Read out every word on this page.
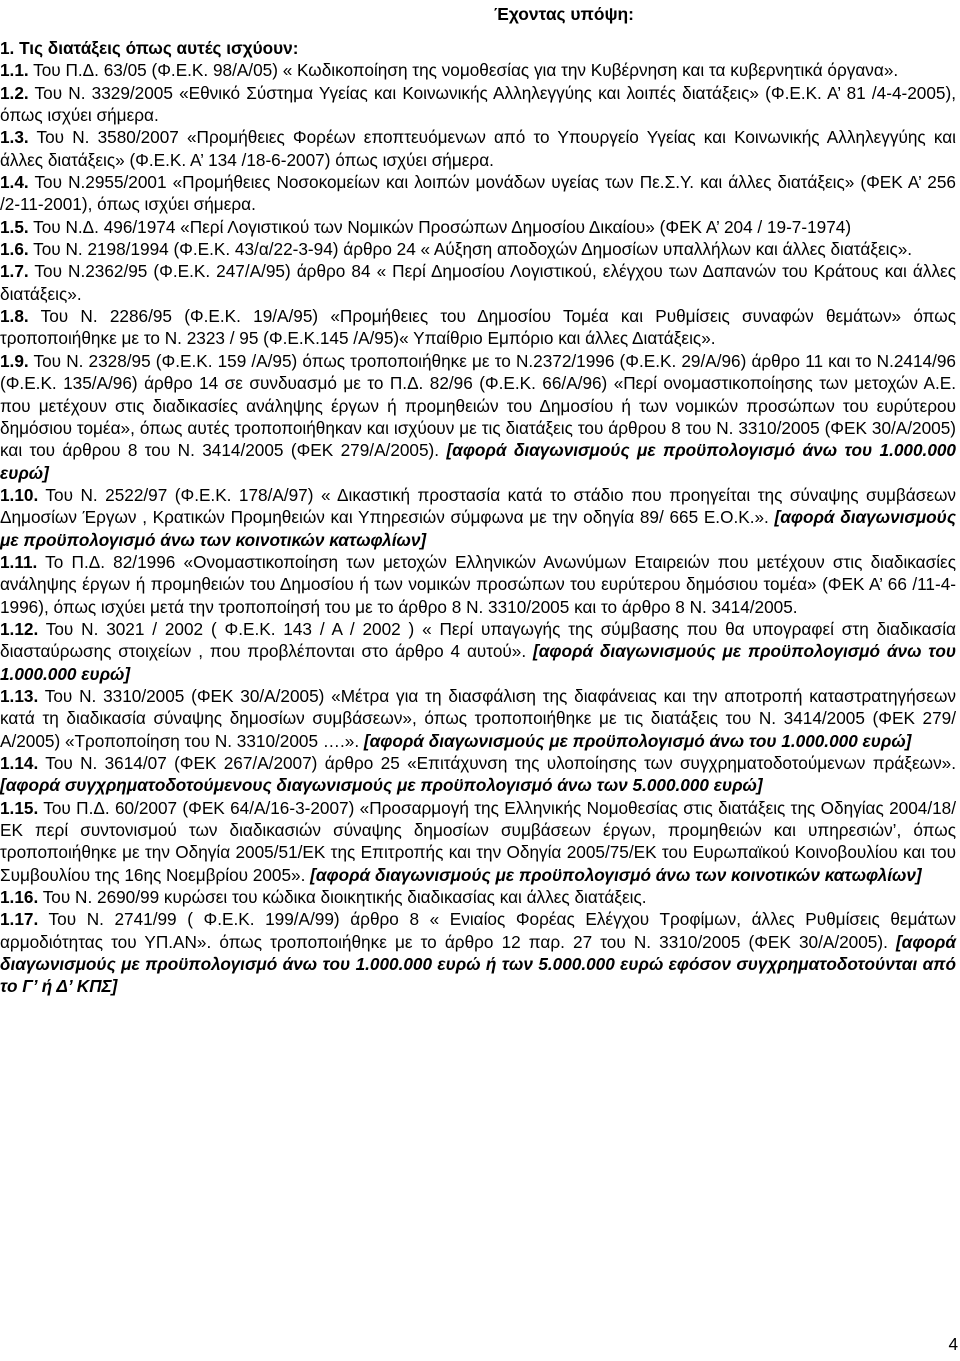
Έχοντας υπόψη:
1. Τις διατάξεις όπως αυτές ισχύουν:

1.1. Του Π.Δ. 63/05 (Φ.Ε.Κ. 98/Α/05) « Κωδικοποίηση της νομοθεσίας για την Κυβέρνηση και τα κυβερνητικά όργανα».

1.2. Του Ν. 3329/2005 «Εθνικό Σύστημα Υγείας και Κοινωνικής Αλληλεγγύης και λοιπές διατάξεις» (Φ.Ε.Κ. Α’ 81 /4-4-2005), όπως ισχύει σήμερα.

1.3. Του Ν. 3580/2007 «Προμήθειες Φορέων εποπτευόμενων από το Υπουργείο Υγείας και Κοινωνικής Αλληλεγγύης και άλλες διατάξεις» (Φ.Ε.Κ. Α’ 134 /18-6-2007) όπως ισχύει σήμερα.

1.4. Του Ν.2955/2001 «Προμήθειες Νοσοκομείων και λοιπών μονάδων υγείας των Πε.Σ.Υ. και άλλες διατάξεις» (ΦΕΚ Α’ 256 /2-11-2001), όπως ισχύει σήμερα.

1.5. Του Ν.Δ. 496/1974 «Περί Λογιστικού των Νομικών Προσώπων Δημοσίου Δικαίου» (ΦΕΚ Α’ 204 / 19-7-1974)

1.6. Του Ν. 2198/1994 (Φ.Ε.Κ. 43/α/22-3-94) άρθρο 24 « Αύξηση αποδοχών Δημοσίων υπαλλήλων και άλλες διατάξεις».

1.7. Του Ν.2362/95 (Φ.Ε.Κ. 247/Α/95) άρθρο 84 « Περί Δημοσίου Λογιστικού, ελέγχου των Δαπανών του Κράτους και άλλες διατάξεις».

1.8. Του Ν. 2286/95 (Φ.Ε.Κ. 19/Α/95) «Προμήθειες του Δημοσίου Τομέα και Ρυθμίσεις συναφών θεμάτων» όπως τροποποιήθηκε με το Ν. 2323 / 95 (Φ.Ε.Κ.145 /Α/95)« Υπαίθριο Εμπόριο και άλλες Διατάξεις».

1.9. Του Ν. 2328/95 (Φ.Ε.Κ. 159 /Α/95) όπως τροποποιήθηκε με το Ν.2372/1996 (Φ.Ε.Κ. 29/Α/96) άρθρο 11 και το Ν.2414/96 (Φ.Ε.Κ. 135/Α/96) άρθρο 14 σε συνδυασμό με το Π.Δ. 82/96 (Φ.Ε.Κ. 66/Α/96) «Περί ονομαστικοποίησης των μετοχών Α.Ε. που μετέχουν στις διαδικασίες ανάληψης έργων ή προμηθειών του Δημοσίου ή των νομικών προσώπων του ευρύτερου δημόσιου τομέα», όπως αυτές τροποποιήθηκαν και ισχύουν με τις διατάξεις του άρθρου 8 του Ν. 3310/2005 (ΦΕΚ 30/Α/2005) και του άρθρου 8 του Ν. 3414/2005 (ΦΕΚ 279/Α/2005). [αφορά διαγωνισμούς με προϋπολογισμό άνω του 1.000.000 ευρώ]

1.10. Του Ν. 2522/97 (Φ.Ε.Κ. 178/Α/97) « Δικαστική προστασία κατά το στάδιο που προηγείται της σύναψης συμβάσεων Δημοσίων Έργων , Κρατικών Προμηθειών και Υπηρεσιών σύμφωνα με την οδηγία 89/ 665 Ε.Ο.Κ.». [αφορά διαγωνισμούς με προϋπολογισμό άνω των κοινοτικών κατωφλίων]

1.11. Το Π.Δ. 82/1996 «Ονομαστικοποίηση των μετοχών Ελληνικών Ανωνύμων Εταιρειών που μετέχουν στις διαδικασίες ανάληψης έργων ή προμηθειών του Δημοσίου ή των νομικών προσώπων του ευρύτερου δημόσιου τομέα» (ΦΕΚ Α’ 66 /11-4-1996), όπως ισχύει μετά την τροποποίησή του με το άρθρο 8 Ν. 3310/2005 και το άρθρο 8 Ν. 3414/2005.

1.12. Του Ν. 3021 / 2002 ( Φ.Ε.Κ. 143 / Α / 2002 ) « Περί υπαγωγής της σύμβασης που θα υπογραφεί στη διαδικασία διασταύρωσης στοιχείων , που προβλέπονται στο άρθρο 4 αυτού». [αφορά διαγωνισμούς με προϋπολογισμό άνω του 1.000.000 ευρώ]

1.13. Του Ν. 3310/2005 (ΦΕΚ 30/Α/2005) «Μέτρα για τη διασφάλιση της διαφάνειας και την αποτροπή καταστρατηγήσεων κατά τη διαδικασία σύναψης δημοσίων συμβάσεων», όπως τροποποιήθηκε με τις διατάξεις του Ν. 3414/2005 (ΦΕΚ 279/Α/2005) «Τροποποίηση του Ν. 3310/2005 ….». [αφορά διαγωνισμούς με προϋπολογισμό άνω του 1.000.000 ευρώ]

1.14. Του Ν. 3614/07 (ΦΕΚ 267/Α/2007) άρθρο 25 «Επιτάχυνση της υλοποίησης των συγχρηματοδοτούμενων πράξεων». [αφορά συγχρηματοδοτούμενους διαγωνισμούς με προϋπολογισμό άνω των 5.000.000 ευρώ]

1.15. Του Π.Δ. 60/2007 (ΦΕΚ 64/Α/16-3-2007) «Προσαρμογή της Ελληνικής Νομοθεσίας στις διατάξεις της Οδηγίας 2004/18/ΕΚ περί συντονισμού των διαδικασιών σύναψης δημοσίων συμβάσεων έργων, προμηθειών και υπηρεσιών’, όπως τροποποιήθηκε με την Οδηγία 2005/51/ΕΚ της Επιτροπής και την Οδηγία 2005/75/ΕΚ του Ευρωπαϊκού Κοινοβουλίου και του Συμβουλίου της 16ης Νοεμβρίου 2005». [αφορά διαγωνισμούς με προϋπολογισμό άνω των κοινοτικών κατωφλίων]

1.16. Του Ν. 2690/99 κυρώσει του κώδικα διοικητικής διαδικασίας και άλλες διατάξεις.

1.17. Του Ν. 2741/99 ( Φ.Ε.Κ. 199/Α/99) άρθρο 8 « Ενιαίος Φορέας Ελέγχου Τροφίμων, άλλες Ρυθμίσεις θεμάτων αρμοδιότητας του ΥΠ.ΑΝ». όπως τροποποιήθηκε με το άρθρο 12 παρ. 27 του Ν. 3310/2005 (ΦΕΚ 30/Α/2005). [αφορά διαγωνισμούς με προϋπολογισμό άνω του 1.000.000 ευρώ ή των 5.000.000 ευρώ εφόσον συγχρηματοδοτούνται από το Γ’ ή Δ’ ΚΠΣ]

4
